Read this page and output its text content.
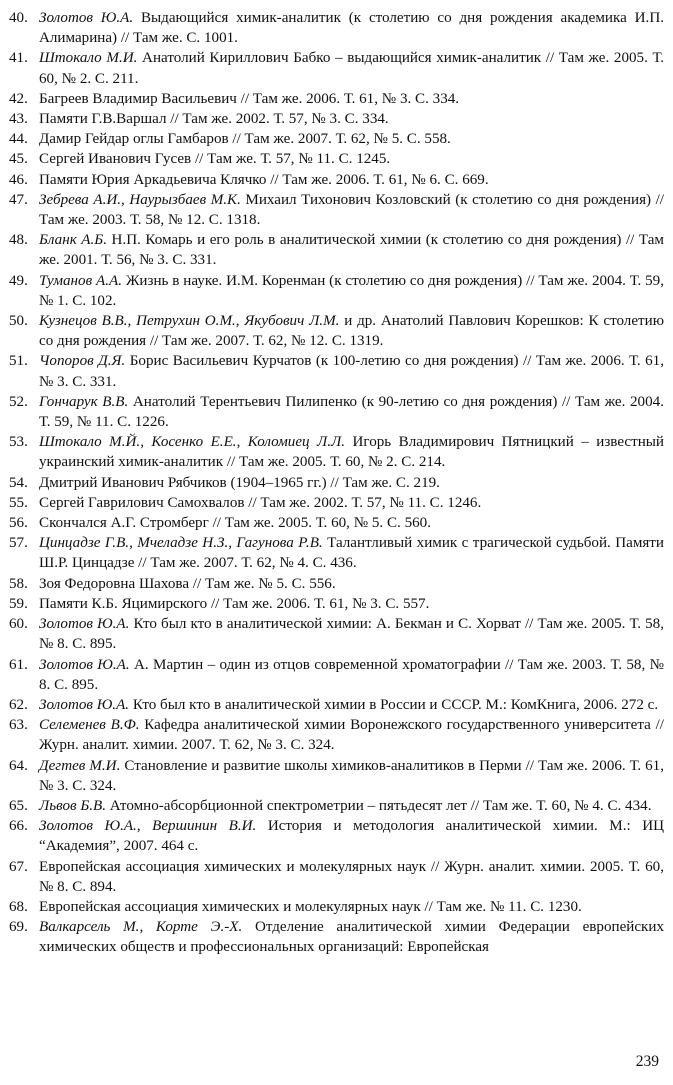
40. Золотов Ю.А. Выдающийся химик-аналитик (к столетию со дня рождения академика И.П. Алимарина) // Там же. С. 1001.
41. Штокало М.И. Анатолий Кириллович Бабко – выдающийся химик-аналитик // Там же. 2005. Т. 60, № 2. С. 211.
42. Багреев Владимир Васильевич // Там же. 2006. Т. 61, № 3. С. 334.
43. Памяти Г.В.Варшал // Там же. 2002. Т. 57, № 3. С. 334.
44. Дамир Гейдар оглы Гамбаров // Там же. 2007. Т. 62, № 5. С. 558.
45. Сергей Иванович Гусев // Там же. Т. 57, № 11. С. 1245.
46. Памяти Юрия Аркадьевича Клячко // Там же. 2006. Т. 61, № 6. С. 669.
47. Зебрева А.И., Наурызбаев М.К. Михаил Тихонович Козловский (к столетию со дня рождения) // Там же. 2003. Т. 58, № 12. С. 1318.
48. Бланк А.Б. Н.П. Комарь и его роль в аналитической химии (к столетию со дня рождения) // Там же. 2001. Т. 56, № 3. С. 331.
49. Туманов А.А. Жизнь в науке. И.М. Коренман (к столетию со дня рождения) // Там же. 2004. Т. 59, № 1. С. 102.
50. Кузнецов В.В., Петрухин О.М., Якубович Л.М. и др. Анатолий Павлович Корешков: К столетию со дня рождения // Там же. 2007. Т. 62, № 12. С. 1319.
51. Чопоров Д.Я. Борис Васильевич Курчатов (к 100-летию со дня рождения) // Там же. 2006. Т. 61, № 3. С. 331.
52. Гончарук В.В. Анатолий Терентьевич Пилипенко (к 90-летию со дня рождения) // Там же. 2004. Т. 59, № 11. С. 1226.
53. Штокало М.Й., Косенко Е.Е., Коломиец Л.Л. Игорь Владимирович Пятницкий – известный украинский химик-аналитик // Там же. 2005. Т. 60, № 2. С. 214.
54. Дмитрий Иванович Рябчиков (1904–1965 гг.) // Там же. С. 219.
55. Сергей Гаврилович Самохвалов // Там же. 2002. Т. 57, № 11. С. 1246.
56. Скончался А.Г. Стромберг // Там же. 2005. Т. 60, № 5. С. 560.
57. Цинцадзе Г.В., Мчеладзе Н.З., Гагунова Р.В. Талантливый химик с трагической судьбой. Памяти Ш.Р. Цинцадзе // Там же. 2007. Т. 62, № 4. С. 436.
58. Зоя Федоровна Шахова // Там же. № 5. С. 556.
59. Памяти К.Б. Яцимирского // Там же. 2006. Т. 61, № 3. С. 557.
60. Золотов Ю.А. Кто был кто в аналитической химии: А. Бекман и С. Хорват // Там же. 2005. Т. 58, № 8. С. 895.
61. Золотов Ю.А. А. Мартин – один из отцов современной хроматографии // Там же. 2003. Т. 58, № 8. С. 895.
62. Золотов Ю.А. Кто был кто в аналитической химии в России и СССР. М.: КомКнига, 2006. 272 с.
63. Селеменев В.Ф. Кафедра аналитической химии Воронежского государственного университета // Журн. аналит. химии. 2007. Т. 62, № 3. С. 324.
64. Дегтев М.И. Становление и развитие школы химиков-аналитиков в Перми // Там же. 2006. Т. 61, № 3. С. 324.
65. Львов Б.В. Атомно-абсорбционной спектрометрии – пятьдесят лет // Там же. Т. 60, № 4. С. 434.
66. Золотов Ю.А., Вершинин В.И. История и методология аналитической химии. М.: ИЦ “Академия”, 2007. 464 с.
67. Европейская ассоциация химических и молекулярных наук // Журн. аналит. химии. 2005. Т. 60, № 8. С. 894.
68. Европейская ассоциация химических и молекулярных наук // Там же. № 11. С. 1230.
69. Валкарсель М., Корте Э.-Х. Отделение аналитической химии Федерации европейских химических обществ и профессиональных организаций: Европейская
239
